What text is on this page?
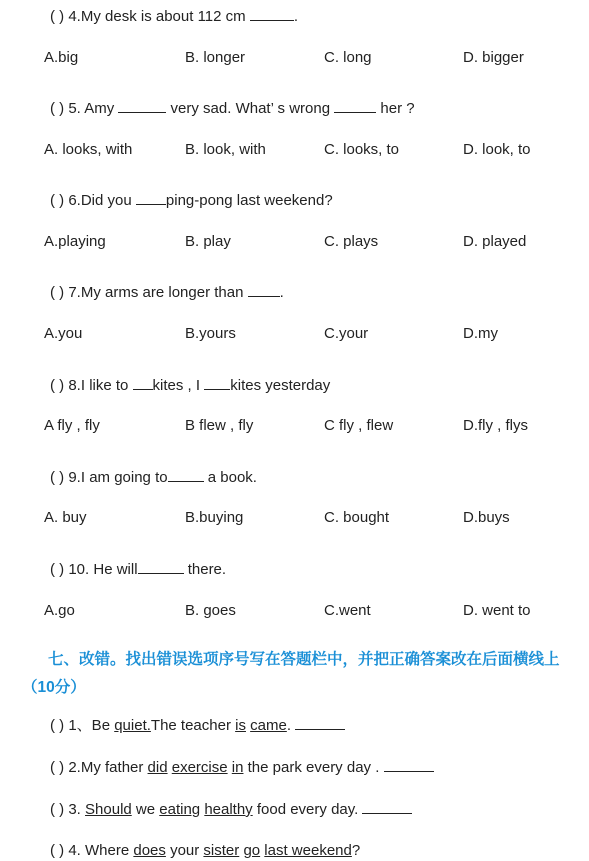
( ) 4.My desk is about 112 cm	.
A.big	B. longer	C. long	D. bigger
( ) 5. Amy	very sad. What’ s wrong	her ?
A. looks, with	B. look, with	C. looks, to	D. look, to
( ) 6.Did you ping-pong last weekend?
A.playing	B. play	C. plays	D. played
( ) 7.My arms are longer than .
A.you	B.yours	C.your	D.my
( ) 8.I like to kites , I kites yesterday
A fly , fly	B flew , fly	C fly , flew	D.fly , flys
( ) 9.I am going to a book.
A. buy	B.buying	C. bought	D.buys
( ) 10. He will	there.
A.go	B. goes	C.went	D. went to
七、改错。找出错误选项序号写在答题栏中，并把正确答案改在后面横线上
（10分）
( ) 1、Be quiet.The teacher is came.
( ) 2.My father did exercise in the park every day .
( ) 3. Should we eating healthy food every day.
( ) 4. Where does your sister go last weekend?
